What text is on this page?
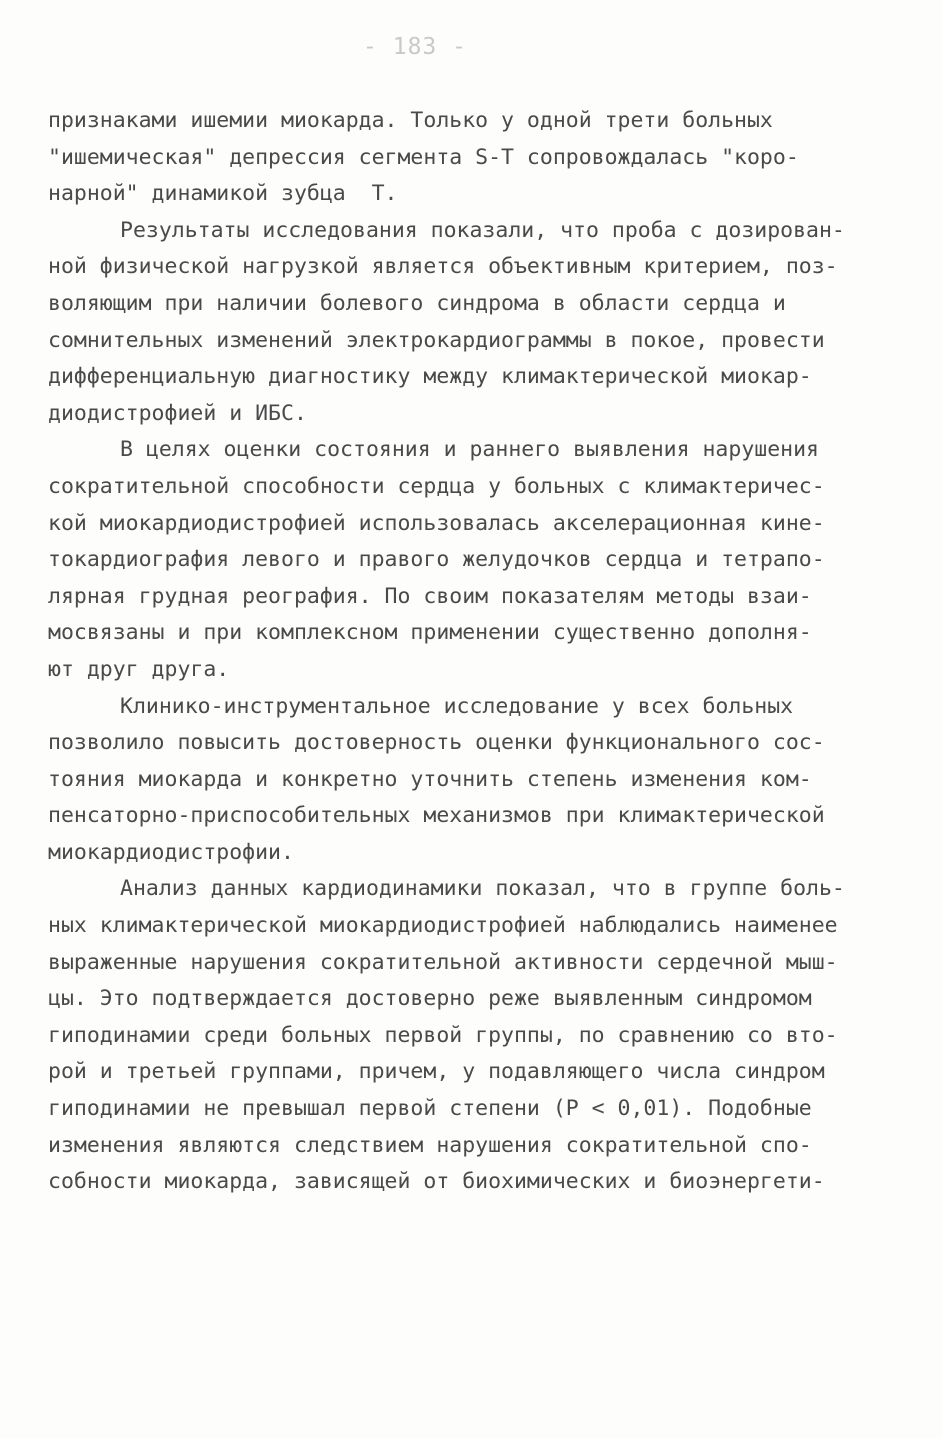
- 183 -
признаками ишемии миокарда. Только у одной трети больных
"ишемическая" депрессия сегмента S-T сопровождалась "коро-
нарной" динамикой зубца  T.
Результаты исследования показали, что проба с дозирован-
ной физической нагрузкой является объективным критерием, поз-
воляющим при наличии болевого синдрома в области сердца и
сомнительных изменений электрокардиограммы в покое, провести
дифференциальную диагностику между климактерической миокар-
диодистрофией и ИБС.
В целях оценки состояния и раннего выявления нарушения
сократительной способности сердца у больных с климактеричес-
кой миокардиодистрофией использовалась акселерационная кине-
токардиография левого и правого желудочков сердца и тетрапо-
лярная грудная реография. По своим показателям методы взаи-
мосвязаны и при комплексном применении существенно дополня-
ют друг друга.
Клинико-инструментальное исследование у всех больных
позволило повысить достоверность оценки функционального сос-
тояния миокарда и конкретно уточнить степень изменения ком-
пенсаторно-приспособительных механизмов при климактерической
миокардиодистрофии.
Анализ данных кардиодинамики показал, что в группе боль-
ных климактерической миокардиодистрофией наблюдались наименее
выраженные нарушения сократительной активности сердечной мыш-
цы. Это подтверждается достоверно реже выявленным синдромом
гиподинамии среди больных первой группы, по сравнению со вто-
рой и третьей группами, причем, у подавляющего числа синдром
гиподинамии не превышал первой степени (P < 0,01). Подобные
изменения являются следствием нарушения сократительной спо-
собности миокарда, зависящей от биохимических и биоэнергети-
